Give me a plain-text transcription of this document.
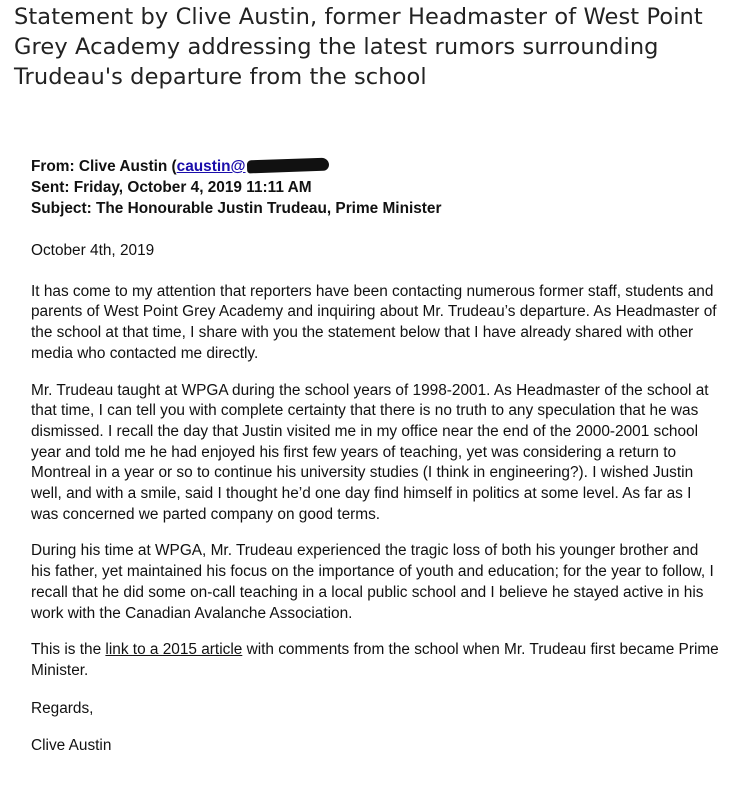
Statement by Clive Austin, former Headmaster of West Point Grey Academy addressing the latest rumors surrounding Trudeau's departure from the school
From: Clive Austin (caustin@
Sent: Friday, October 4, 2019 11:11 AM
Subject: The Honourable Justin Trudeau, Prime Minister

October 4th, 2019

It has come to my attention that reporters have been contacting numerous former staff, students and parents of West Point Grey Academy and inquiring about Mr. Trudeau’s departure. As Headmaster of the school at that time, I share with you the statement below that I have already shared with other media who contacted me directly.

Mr. Trudeau taught at WPGA during the school years of 1998-2001. As Headmaster of the school at that time, I can tell you with complete certainty that there is no truth to any speculation that he was dismissed. I recall the day that Justin visited me in my office near the end of the 2000-2001 school year and told me he had enjoyed his first few years of teaching, yet was considering a return to Montreal in a year or so to continue his university studies (I think in engineering?). I wished Justin well, and with a smile, said I thought he’d one day find himself in politics at some level. As far as I was concerned we parted company on good terms.

During his time at WPGA, Mr. Trudeau experienced the tragic loss of both his younger brother and his father, yet maintained his focus on the importance of youth and education; for the year to follow, I recall that he did some on-call teaching in a local public school and I believe he stayed active in his work with the Canadian Avalanche Association.

This is the link to a 2015 article with comments from the school when Mr. Trudeau first became Prime Minister.

Regards,

Clive Austin
